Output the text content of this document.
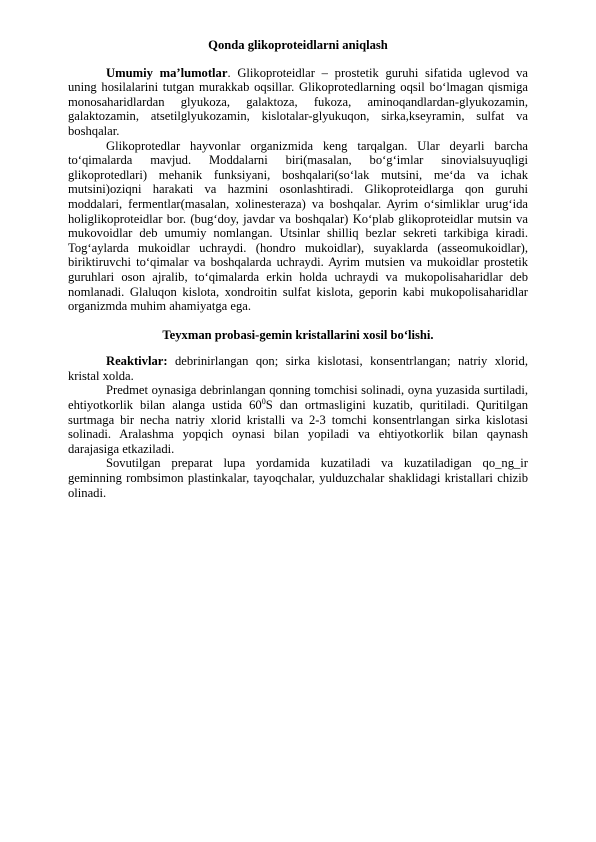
Qonda glikoproteidlarni aniqlash

Umumiy ma’lumotlar. Glikoproteidlar – prostetik guruhi sifatida uglevod va uning hosilalarini tutgan murakkab oqsillar. Glikoprotedlarning oqsil bo‘lmagan qismiga monosaharidlardan glyukoza, galaktoza, fukoza, aminoqandlardan-glyukozamin, galaktozamin, atsetilglyukozamin, kislotalar-glyukuqon, sirka,kseyramin, sulfat va boshqalar.

Glikoprotedlar hayvonlar organizmida keng tarqalgan. Ular deyarli barcha to‘qimalarda mavjud. Moddalarni biri(masalan, bo‘g‘imlar sinovialsuyuqligi glikoprotedlari) mehanik funksiyani, boshqalari(so‘lak mutsini, me‘da va ichak mutsini)oziqni harakati va hazmini osonlashtiradi. Glikoproteidlarga qon guruhi moddalari, fermentlar(masalan, xolinesteraza) va boshqalar. Ayrim o‘simliklar urug‘ida holiglikoproteidlar bor. (bug‘doy, javdar va boshqalar) Ko‘plab glikoproteidlar mutsin va mukovoidlar deb umumiy nomlangan. Utsinlar shilliq bezlar sekreti tarkibiga kiradi. Tog‘aylarda mukoidlar uchraydi. (hondro mukoidlar), suyaklarda (asseomukoidlar), biriktiruvchi to‘qimalar va boshqalarda uchraydi. Ayrim mutsien va mukoidlar prostetik guruhlari oson ajralib, to‘qimalarda erkin holda uchraydi va mukopolisaharidlar deb nomlanadi. Glaluqon kislota, xondroitin sulfat kislota, geporin kabi mukopolisaharidlar organizmda muhim ahamiyatga ega.

Teyxman probasi-gemin kristallarini xosil bo‘lishi.

Reaktivlar: debrinirlangan qon; sirka kislotasi, konsentrlangan; natriy xlorid, kristal xolda.

Predmet oynasiga debrinlangan qonning tomchisi solinadi, oyna yuzasida surtiladi, ehtiyotkorlik bilan alanga ustida $60^0S$ dan ortmasligini kuzatib, quritiladi. Quritilgan surtmaga bir necha natriy xlorid kristalli va 2-3 tomchi konsentrlangan sirka kislotasi solinadi. Aralashma yopqich oynasi bilan yopiladi va ehtiyotkorlik bilan qaynash darajasiga etkaziladi.

Sovutilgan preparat lupa yordamida kuzatiladi va kuzatiladigan qo_ng_ir geminning rombsimon plastinkalar, tayoqchalar, yulduzchalar shaklidagi kristallari chizib olinadi.
